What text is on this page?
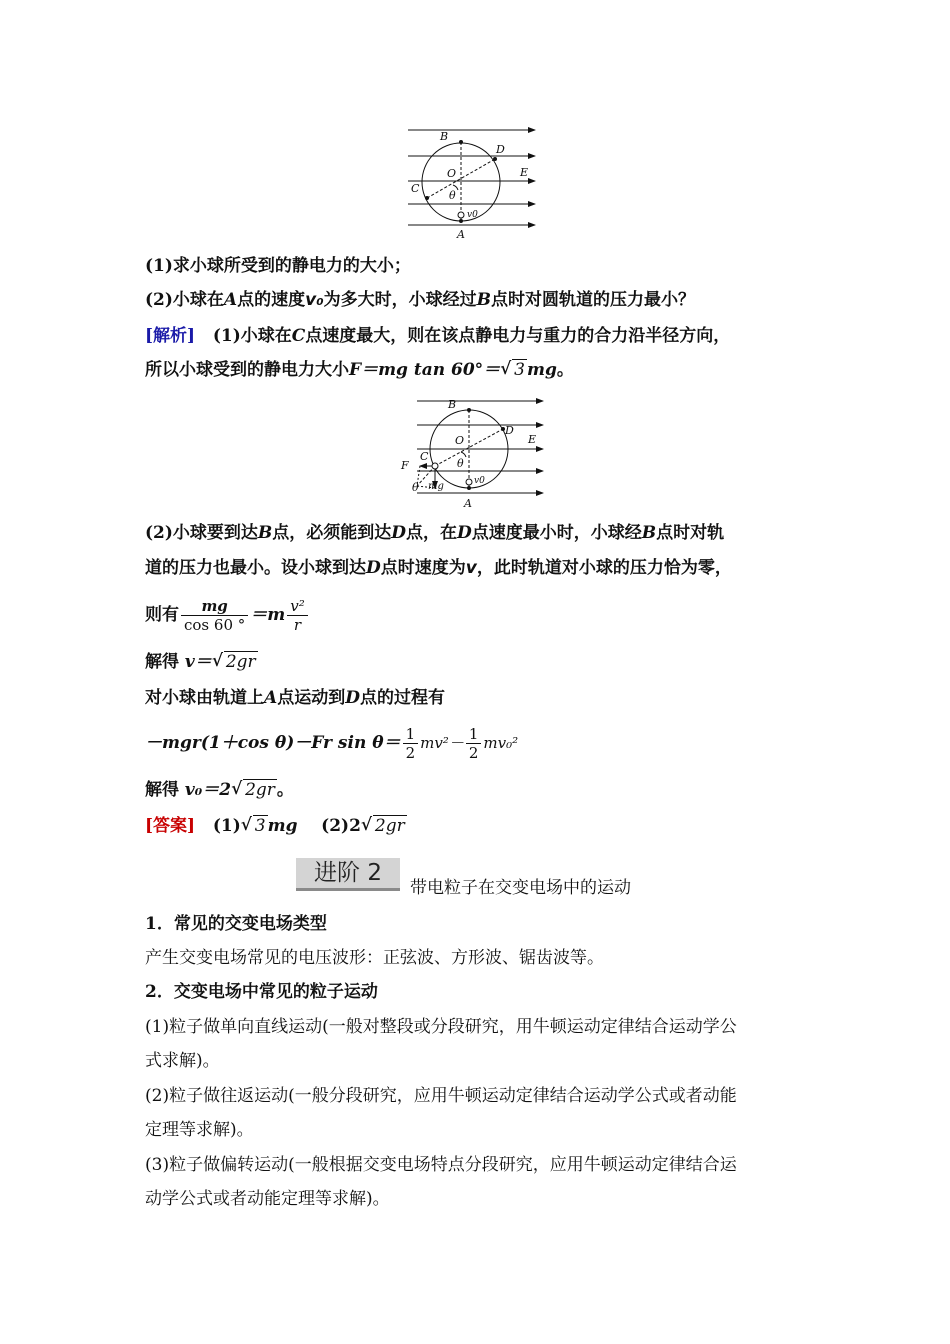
B
D
O	E
C
θ
v0
A
(1)求小球所受到的静电力的大小；
(2)小球在A点的速度v₀为多大时，小球经过B点时对圆轨道的压力最小？
[解析] (1)小球在C点速度最大，则在该点静电力与重力的合力沿半径方向，
所以小球受到的静电力大小F＝mg tan 60°＝ √ 3 mg。
B
D
O	E
C
F	θ
θ mg	v0
A
(2)小球要到达B点，必须能到达D点，在D点速度最小时，小球经B点时对轨
道的压力也最小。设小球到达D点时速度为v，此时轨道对小球的压力恰为零，
则有 $\frac{mg}{\cos 60 ^\circ} =m \frac{\text{v²}}{r}$
解得 v＝ √ 2gr
对小球由轨道上A点运动到D点的过程有
－mgr(1＋cos θ)－Fr $\sin \theta= \frac{1}{2} mv^2- \frac{1}{2} mv_0^2$
解得 v₀＝2 √ 2gr 。
[答案] (1) √ 3 mg (2)2 √ 2gr
进阶 2
带电粒子在交变电场中的运动
1．常见的交变电场类型
产生交变电场常见的电压波形：正弦波、方形波、锯齿波等。
2．交变电场中常见的粒子运动
(1)粒子做单向直线运动(一般对整段或分段研究，用牛顿运动定律结合运动学公
式求解)。
(2)粒子做往返运动(一般分段研究，应用牛顿运动定律结合运动学公式或者动能
定理等求解)。
(3)粒子做偏转运动(一般根据交变电场特点分段研究，应用牛顿运动定律结合运
动学公式或者动能定理等求解)。
